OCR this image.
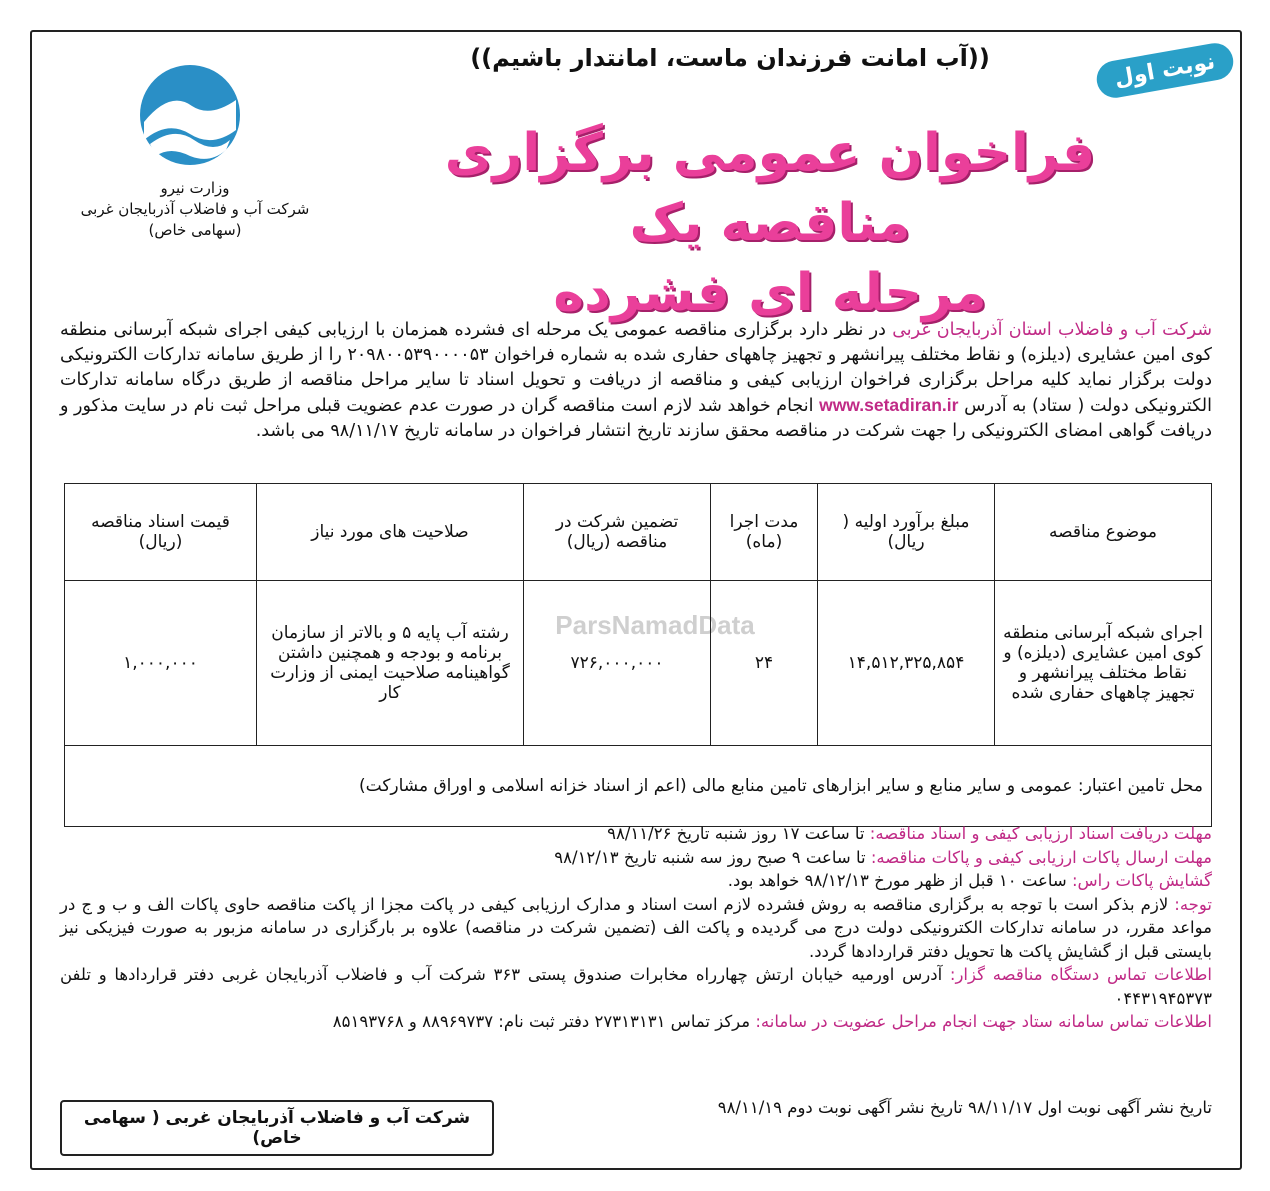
ParsNamadData
((آب امانت فرزندان ماست، امانتدار باشیم))	نوبت اول
فراخوان عمومی برگزاری مناقصه یک
مرحله ای فشرده
وزارت نیرو
شرکت آب و فاضلاب آذربایجان غربی
(سهامی خاص)
شرکت آب و فاضلاب استان آذربایجان غربی در نظر دارد برگزاری مناقصه عمومی یک مرحله ای فشرده همزمان با ارزیابی کیفی اجرای شبکه آبرسانی منطقه کوی امین عشایری (دیلزه) و نقاط مختلف پیرانشهر و تجهیز چاههای حفاری شده به شماره فراخوان ۲۰۹۸۰۰۵۳۹۰۰۰۰۵۳ را از طریق سامانه تدارکات الکترونیکی دولت برگزار نماید کلیه مراحل برگزاری فراخوان ارزیابی کیفی و مناقصه از دریافت و تحویل اسناد تا سایر مراحل مناقصه از طریق درگاه سامانه تدارکات الکترونیکی دولت ( ستاد) به آدرس www.setadiran.ir انجام خواهد شد لازم است مناقصه گران در صورت عدم عضویت قبلی مراحل ثبت نام در سایت مذکور و دریافت گواهی امضای الکترونیکی را جهت شرکت در مناقصه محقق سازند تاریخ انتشار فراخوان در سامانه تاریخ ۹۸/۱۱/۱۷ می باشد.
موضوع مناقصه	مبلغ برآورد اولیه ( ریال)	مدت اجرا (ماه)	تضمین شرکت در مناقصه (ریال)	صلاحیت های مورد نیاز	قیمت اسناد مناقصه (ریال)
اجرای شبکه آبرسانی منطقه کوی امین عشایری (دیلزه) و نقاط مختلف پیرانشهر و تجهیز چاههای حفاری شده	۱۴,۵۱۲,۳۲۵,۸۵۴	۲۴	۷۲۶,۰۰۰,۰۰۰	رشته آب پایه ۵ و بالاتر از سازمان برنامه و بودجه و همچنین داشتن گواهینامه صلاحیت ایمنی از وزارت کار	۱,۰۰۰,۰۰۰
محل تامین اعتبار: عمومی و سایر منابع و سایر ابزارهای تامین منابع مالی (اعم از اسناد خزانه اسلامی و اوراق مشارکت)					
مهلت دریافت اسناد ارزیابی کیفی و اسناد مناقصه: تا ساعت ۱۷ روز شنبه تاریخ ۹۸/۱۱/۲۶
مهلت ارسال پاکات ارزیابی کیفی و پاکات مناقصه: تا ساعت ۹ صبح روز سه شنبه تاریخ ۹۸/۱۲/۱۳
گشایش پاکات راس: ساعت ۱۰ قبل از ظهر مورخ ۹۸/۱۲/۱۳ خواهد بود.
توجه: لازم بذکر است با توجه به برگزاری مناقصه به روش فشرده لازم است اسناد و مدارک ارزیابی کیفی در پاکت مجزا از پاکت مناقصه حاوی پاکات الف و ب و ج در مواعد مقرر، در سامانه تدارکات الکترونیکی دولت درج می گردیده و پاکت الف (تضمین شرکت در مناقصه) علاوه بر بارگزاری در سامانه مزبور به صورت فیزیکی نیز بایستی قبل از گشایش پاکت ها تحویل دفتر قراردادها گردد.
اطلاعات تماس دستگاه مناقصه گزار: آدرس اورمیه خیابان ارتش چهارراه مخابرات صندوق پستی ۳۶۳ شرکت آب و فاضلاب آذربایجان غربی دفتر قراردادها و تلفن ۰۴۴۳۱۹۴۵۳۷۳
اطلاعات تماس سامانه ستاد جهت انجام مراحل عضویت در سامانه: مرکز تماس ۲۷۳۱۳۱۳۱ دفتر ثبت نام: ۸۸۹۶۹۷۳۷ و ۸۵۱۹۳۷۶۸
تاریخ نشر آگهی نوبت اول ۹۸/۱۱/۱۷ تاریخ نشر آگهی نوبت دوم ۹۸/۱۱/۱۹
شرکت آب و فاضلاب آذربایجان غربی ( سهامی خاص)
